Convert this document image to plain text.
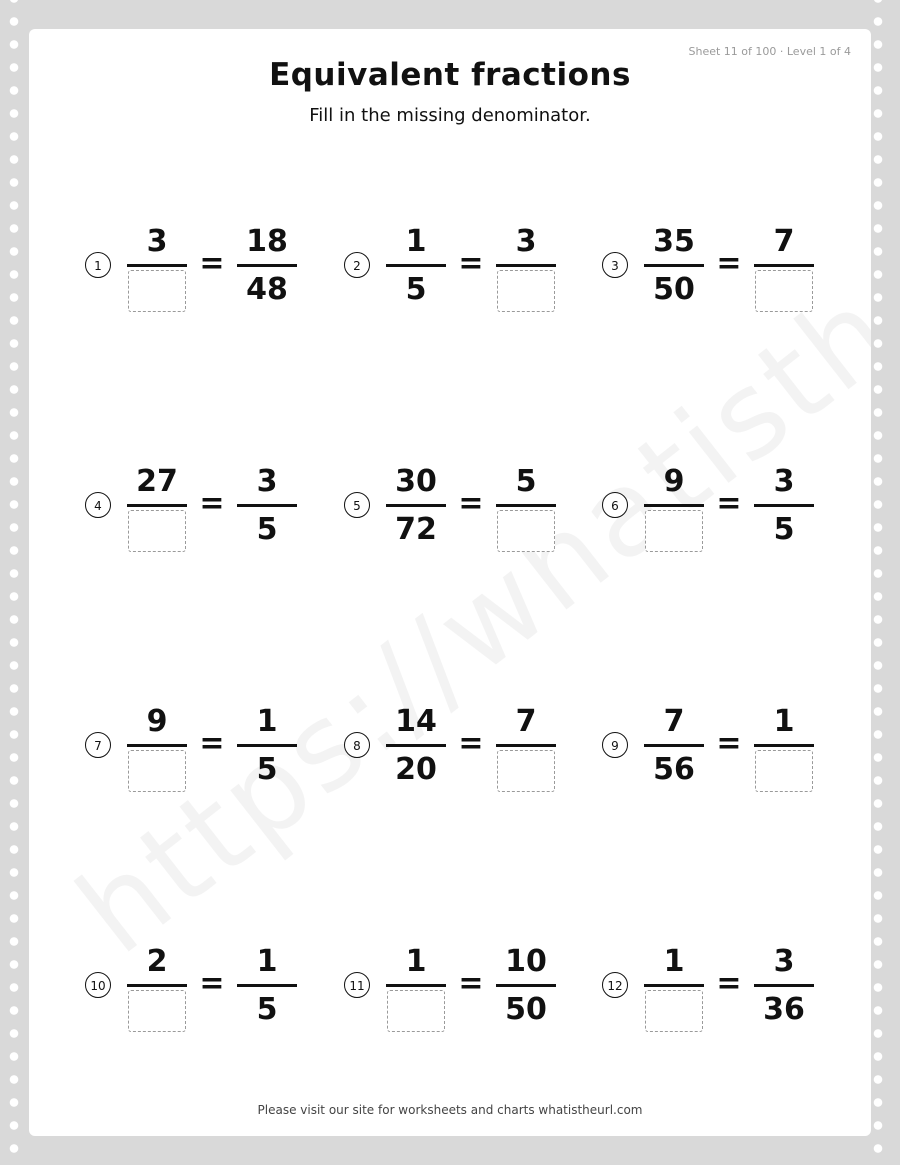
Sheet 11 of 100 · Level 1 of 4
Equivalent fractions
Fill in the missing denominator.
1
3
=
18
48
2
1
5
=
3
3
35
50
=
7
4
27
=
3
5
5
30
72
=
5
6
9
=
3
5
7
9
=
1
5
8
14
20
=
7
9
7
56
=
1
10
2
=
1
5
11
1
=
10
50
12
1
=
3
36
Please visit our site for worksheets and charts whatistheurl.com
